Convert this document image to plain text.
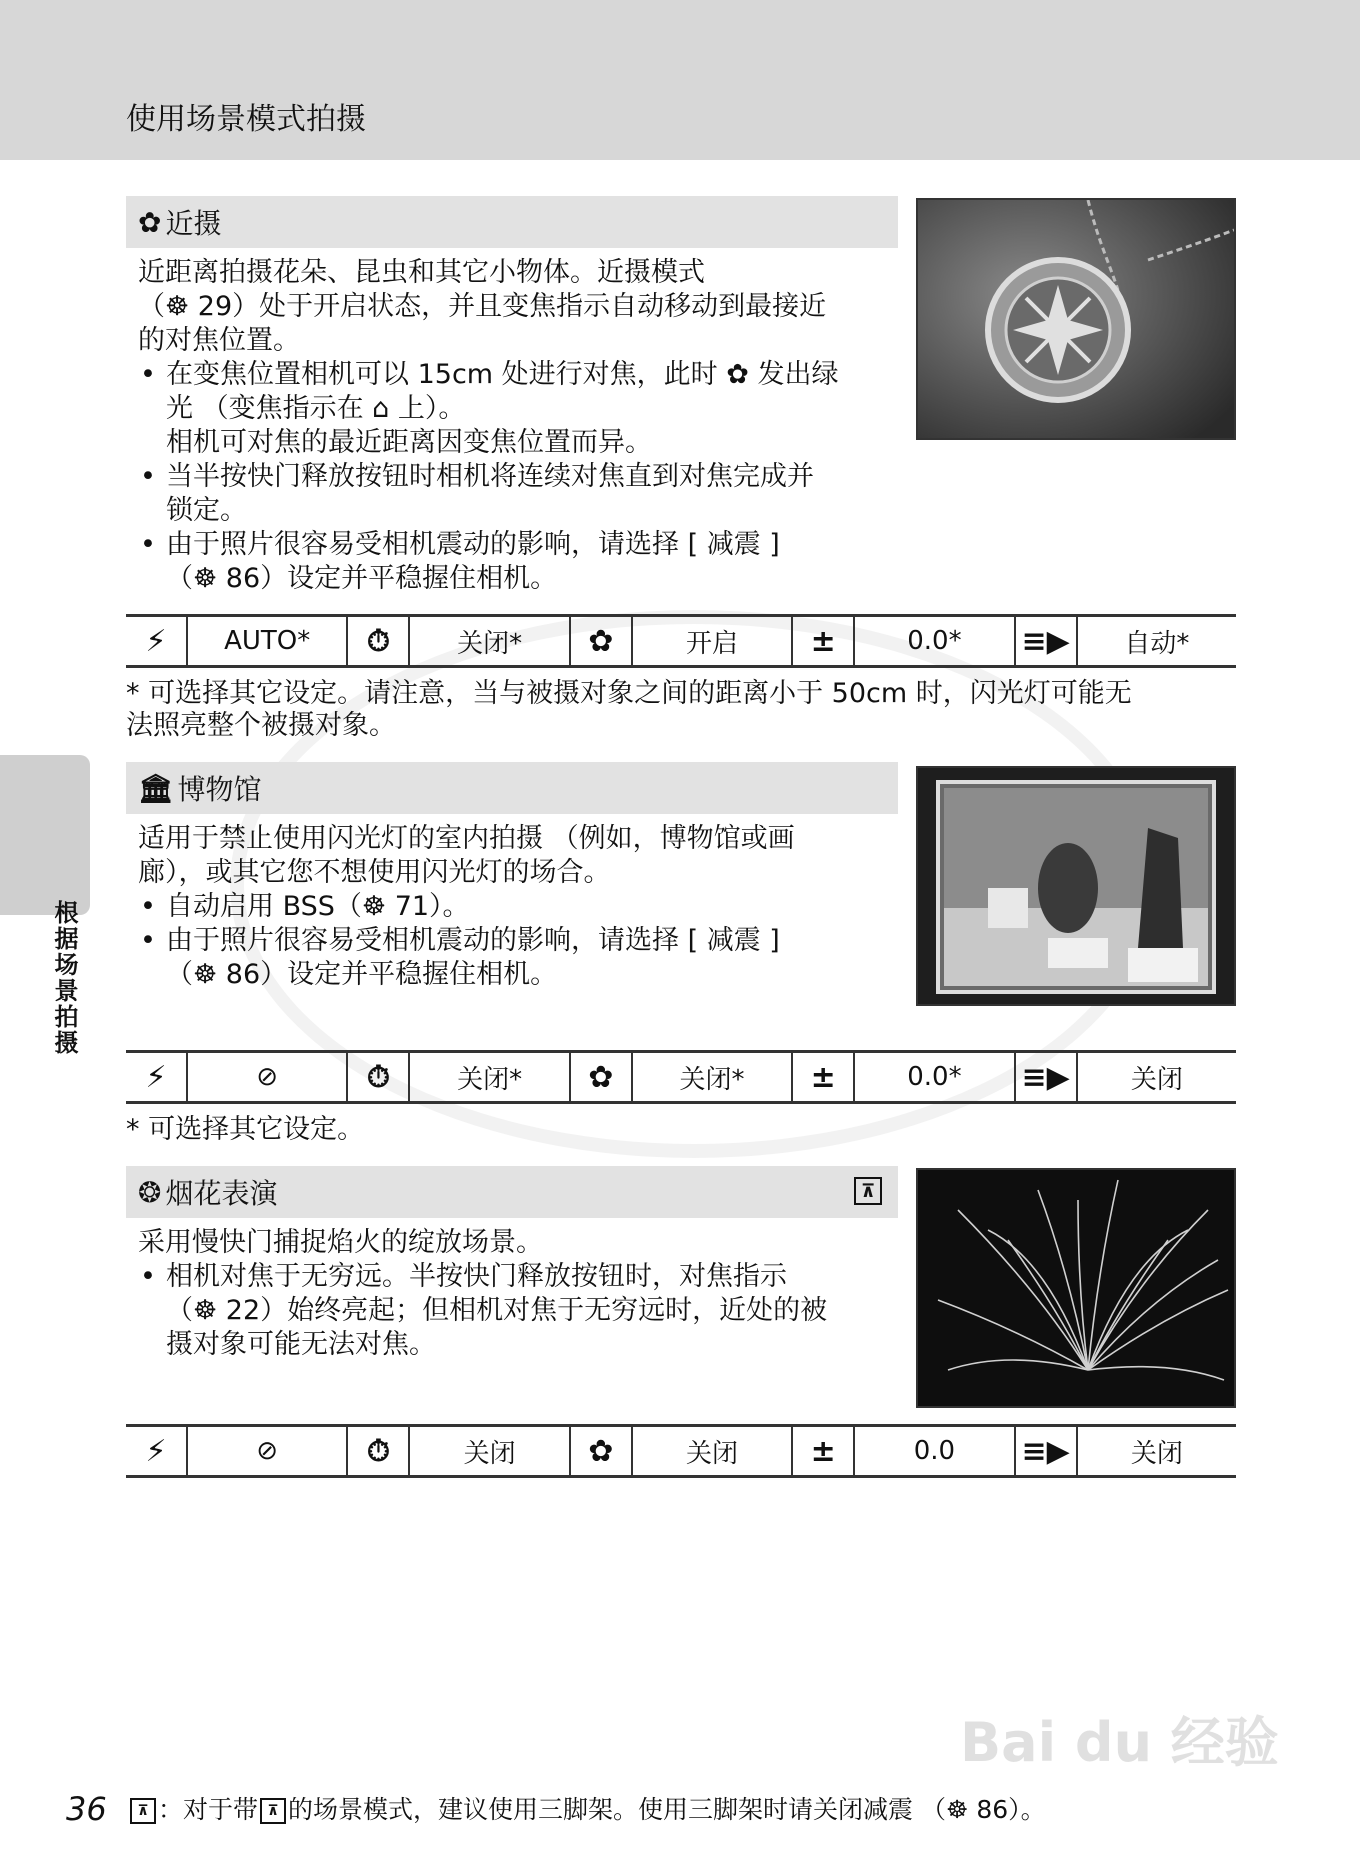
使用场景模式拍摄
根据场景拍摄
✿ 近摄

近距离拍摄花朵、昆虫和其它小物体。近摄模式

（☸ 29）处于开启状态，并且变焦指示自动移动到最接近

的对焦位置。

• 在变焦位置相机可以 15cm 处进行对焦，此时 ✿ 发出绿
光 （变焦指示在 ⌂ 上）。
相机可对焦的最近距离因变焦位置而异。
• 当半按快门释放按钮时相机将连续对焦直到对焦完成并
锁定。
• 由于照片很容易受相机震动的影响，请选择 [ 减震 ]
（☸ 86）设定并平稳握住相机。
⚡	AUTO*	⏱	关闭*	✿	开启	±	0.0*	≡▶	自动*
* 可选择其它设定。请注意，当与被摄对象之间的距离小于 50cm 时，闪光灯可能无
法照亮整个被摄对象。
🏛 博物馆

适用于禁止使用闪光灯的室内拍摄 （例如，博物馆或画

廊），或其它您不想使用闪光灯的场合。

• 自动启用 BSS（☸ 71）。
• 由于照片很容易受相机震动的影响，请选择 [ 减震 ]
（☸ 86）设定并平稳握住相机。
⚡	⊘	⏱	关闭*	✿	关闭*	±	0.0*	≡▶	关闭
* 可选择其它设定。
❂ 烟花表演	⊼

采用慢快门捕捉焰火的绽放场景。

• 相机对焦于无穷远。半按快门释放按钮时，对焦指示
（☸ 22）始终亮起；但相机对焦于无穷远时，近处的被
摄对象可能无法对焦。
⚡	⊘	⏱	关闭	✿	关闭	±	0.0	≡▶	关闭
36	⊼ ：对于带 ⊼ 的场景模式，建议使用三脚架。使用三脚架时请关闭减震 （☸ 86）。
Bai du 经验
